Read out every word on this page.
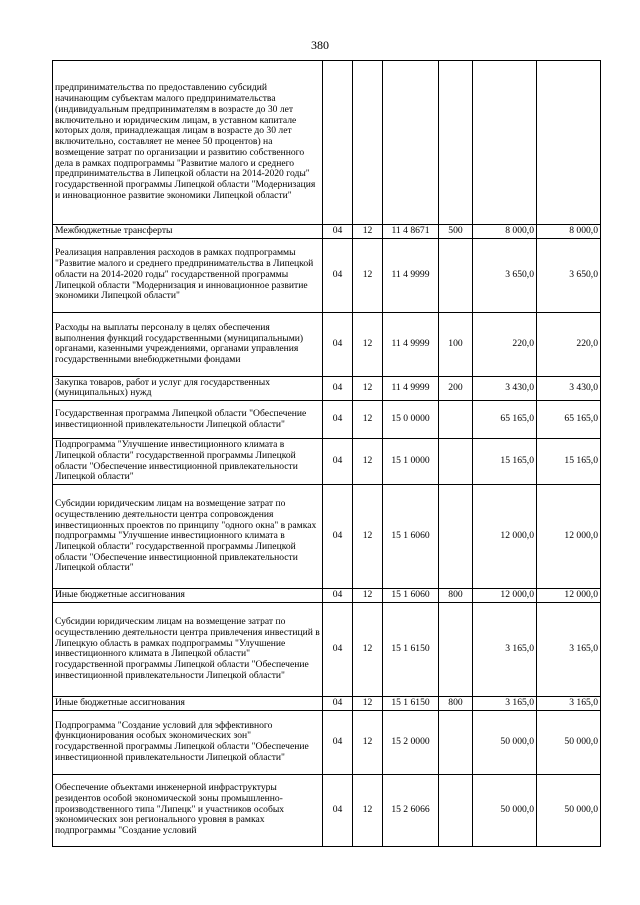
380
предпринимательства по предоставлению субсидий начинающим субъектам малого предпринимательства (индивидуальным предпринимателям в возрасте до 30 лет включительно и юридическим лицам, в уставном капитале которых доля, принадлежащая лицам в возрасте до 30 лет включительно, составляет не менее 50 процентов) на возмещение затрат по организации и развитию собственного дела в рамках подпрограммы "Развитие малого и среднего предпринимательства в Липецкой области на 2014-2020 годы" государственной программы Липецкой области "Модернизация и инновационное развитие экономики Липецкой области"						
Межбюджетные трансферты	04	12	11 4 8671	500	8 000,0	8 000,0
Реализация направления расходов в рамках подпрограммы "Развитие малого и среднего предпринимательства в Липецкой области на 2014-2020 годы" государственной программы Липецкой области "Модернизация и инновационное развитие экономики Липецкой области"	04	12	11 4 9999		3 650,0	3 650,0
Расходы на выплаты персоналу в целях обеспечения выполнения функций государственными (муниципальными) органами, казенными учреждениями, органами управления государственными внебюджетными фондами	04	12	11 4 9999	100	220,0	220,0
Закупка товаров, работ и услуг для государственных (муниципальных) нужд	04	12	11 4 9999	200	3 430,0	3 430,0
Государственная программа Липецкой области "Обеспечение инвестиционной привлекательности Липецкой области"	04	12	15 0 0000		65 165,0	65 165,0
Подпрограмма "Улучшение инвестиционного климата в Липецкой области" государственной программы Липецкой области "Обеспечение инвестиционной привлекательности Липецкой области"	04	12	15 1 0000		15 165,0	15 165,0
Субсидии юридическим лицам на возмещение затрат по осуществлению деятельности центра сопровождения инвестиционных проектов по принципу "одного окна" в рамках подпрограммы "Улучшение инвестиционного климата в Липецкой области" государственной программы Липецкой области "Обеспечение инвестиционной привлекательности Липецкой области"	04	12	15 1 6060		12 000,0	12 000,0
Иные бюджетные ассигнования	04	12	15 1 6060	800	12 000,0	12 000,0
Субсидии юридическим лицам на возмещение затрат по осуществлению деятельности центра привлечения инвестиций в Липецкую область в рамках подпрограммы "Улучшение инвестиционного климата в Липецкой области" государственной программы Липецкой области "Обеспечение инвестиционной привлекательности Липецкой области"	04	12	15 1 6150		3 165,0	3 165,0
Иные бюджетные ассигнования	04	12	15 1 6150	800	3 165,0	3 165,0
Подпрограмма "Создание условий для эффективного функционирования особых экономических зон" государственной программы Липецкой области "Обеспечение инвестиционной привлекательности Липецкой области"	04	12	15 2 0000		50 000,0	50 000,0
Обеспечение объектами инженерной инфраструктуры резидентов особой экономической зоны промышленно-производственного типа "Липецк" и участников особых экономических зон регионального уровня в рамках подпрограммы "Создание условий	04	12	15 2 6066		50 000,0	50 000,0
